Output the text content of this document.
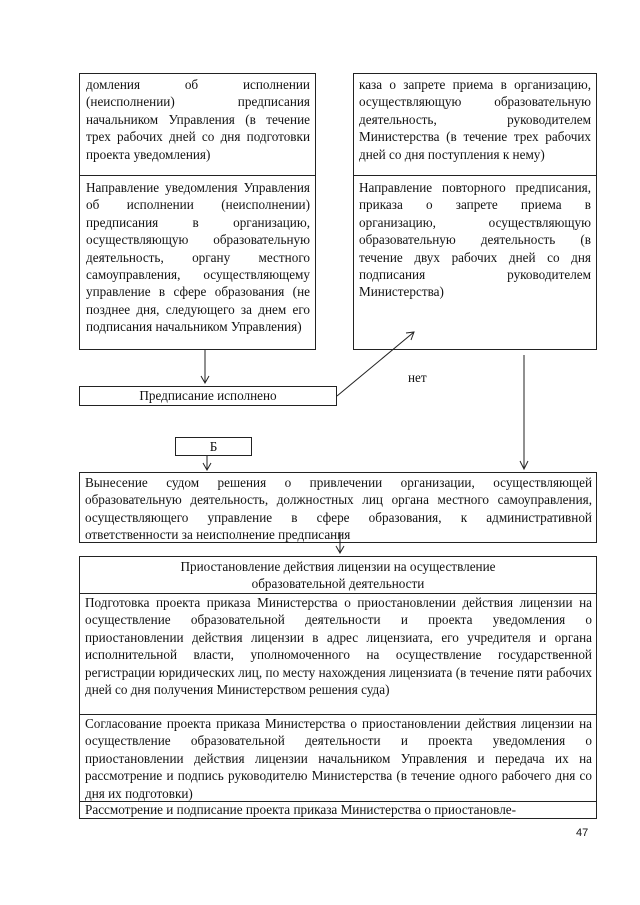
домления об исполнении (неисполнении) предписания начальником Управления (в течение трех рабочих дней со дня подготовки проекта уведомления)

Направление уведомления Управления об исполнении (неисполнении) предписания в организацию, осуществляющую образовательную деятельность, органу местного самоуправления, осуществляющему управление в сфере образования (не позднее дня, следующего за днем его подписания начальником Управления)

каза о запрете приема в организацию, осуществляющую образовательную деятельность, руководителем Министерства (в течение трех рабочих дней со дня поступления к нему)

Направление повторного предписания, приказа о запрете приема в организацию, осуществляющую образовательную деятельность (в течение двух рабочих дней со дня подписания руководителем Министерства)

Предписание исполнено
нет
Б

Вынесение судом решения о привлечении организации, осуществляющей образовательную деятельность, должностных лиц органа местного самоуправления, осуществляющего управление в сфере образования, к административной ответственности за неисполнение предписания

Приостановление действия лицензии на осуществление образовательной деятельности

Подготовка проекта приказа Министерства о приостановлении действия лицензии на осуществление образовательной деятельности и проекта уведомления о приостановлении действия лицензии в адрес лицензиата, его учредителя и органа исполнительной власти, уполномоченного на осуществление государственной регистрации юридических лиц, по месту нахождения лицензиата (в течение пяти рабочих дней со дня получения Министерством решения суда)

Согласование проекта приказа Министерства о приостановлении действия лицензии на осуществление образовательной деятельности и проекта уведомления о приостановлении действия лицензии начальником Управления и передача их на рассмотрение и подпись руководителю Министерства (в течение одного рабочего дня со дня их подготовки)

Рассмотрение и подписание проекта приказа Министерства о приостановле-

47
